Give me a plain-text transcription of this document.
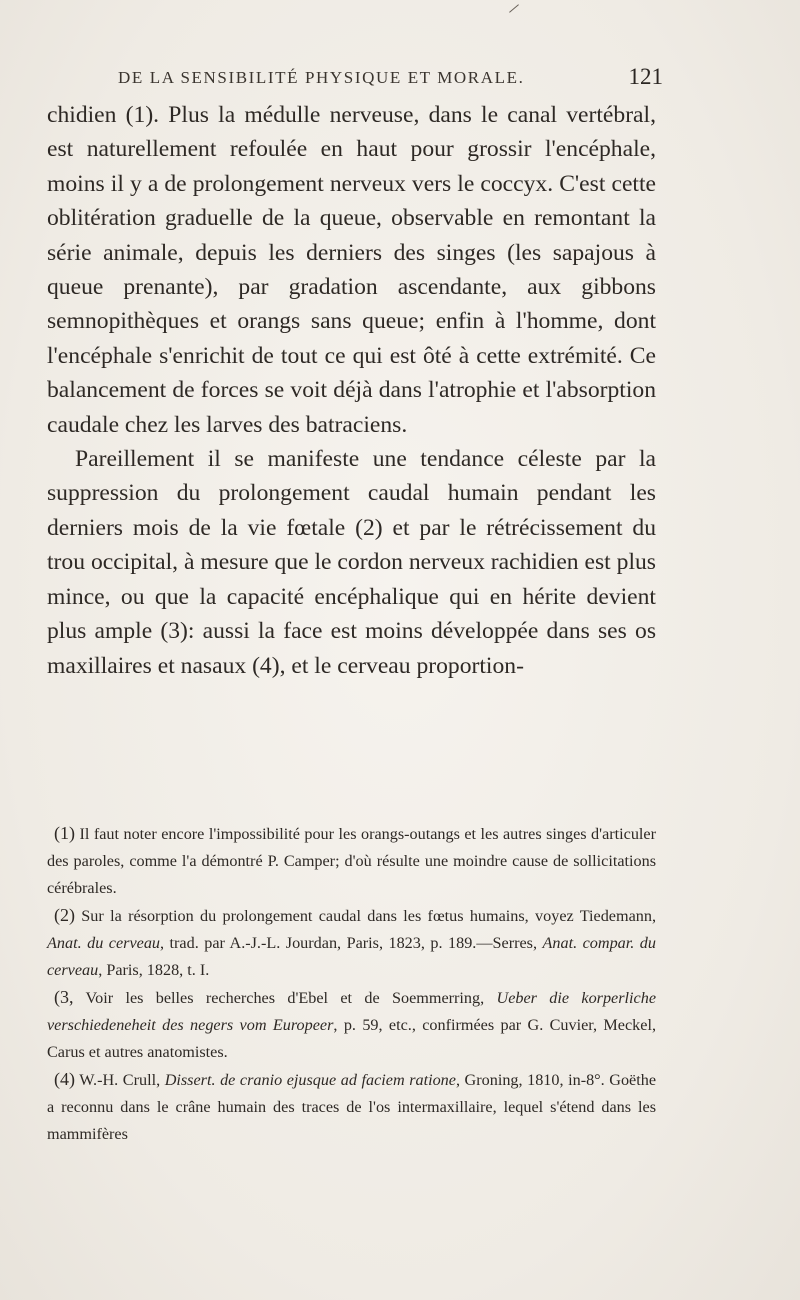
DE LA SENSIBILITÉ PHYSIQUE ET MORALE.	121

chidien (1). Plus la médulle nerveuse, dans le canal vertébral, est naturellement refoulée en haut pour grossir l'encéphale, moins il y a de prolongement nerveux vers le coccyx. C'est cette oblitération graduelle de la queue, observable en remontant la série animale, depuis les derniers des singes (les sapajous à queue prenante), par gradation ascendante, aux gibbons semnopithèques et orangs sans queue; enfin à l'homme, dont l'encéphale s'enrichit de tout ce qui est ôté à cette extrémité. Ce balancement de forces se voit déjà dans l'atrophie et l'absorption caudale chez les larves des batraciens.

Pareillement il se manifeste une tendance céleste par la suppression du prolongement caudal humain pendant les derniers mois de la vie fœtale (2) et par le rétrécissement du trou occipital, à mesure que le cordon nerveux rachidien est plus mince, ou que la capacité encéphalique qui en hérite devient plus ample (3): aussi la face est moins développée dans ses os maxillaires et nasaux (4), et le cerveau proportion-

(1) Il faut noter encore l'impossibilité pour les orangs-outangs et les autres singes d'articuler des paroles, comme l'a démontré P. Camper; d'où résulte une moindre cause de sollicitations cérébrales.

(2) Sur la résorption du prolongement caudal dans les fœtus humains, voyez Tiedemann, Anat. du cerveau, trad. par A.-J.-L. Jourdan, Paris, 1823, p. 189.—Serres, Anat. compar. du cerveau, Paris, 1828, t. I.

(3, Voir les belles recherches d'Ebel et de Soemmerring, Ueber die korperliche verschiedeneheit des negers vom Europeer, p. 59, etc., confirmées par G. Cuvier, Meckel, Carus et autres anatomistes.

(4) W.-H. Crull, Dissert. de cranio ejusque ad faciem ratione, Groning, 1810, in-8°. Goëthe a reconnu dans le crâne humain des traces de l'os intermaxillaire, lequel s'étend dans les mammifères
